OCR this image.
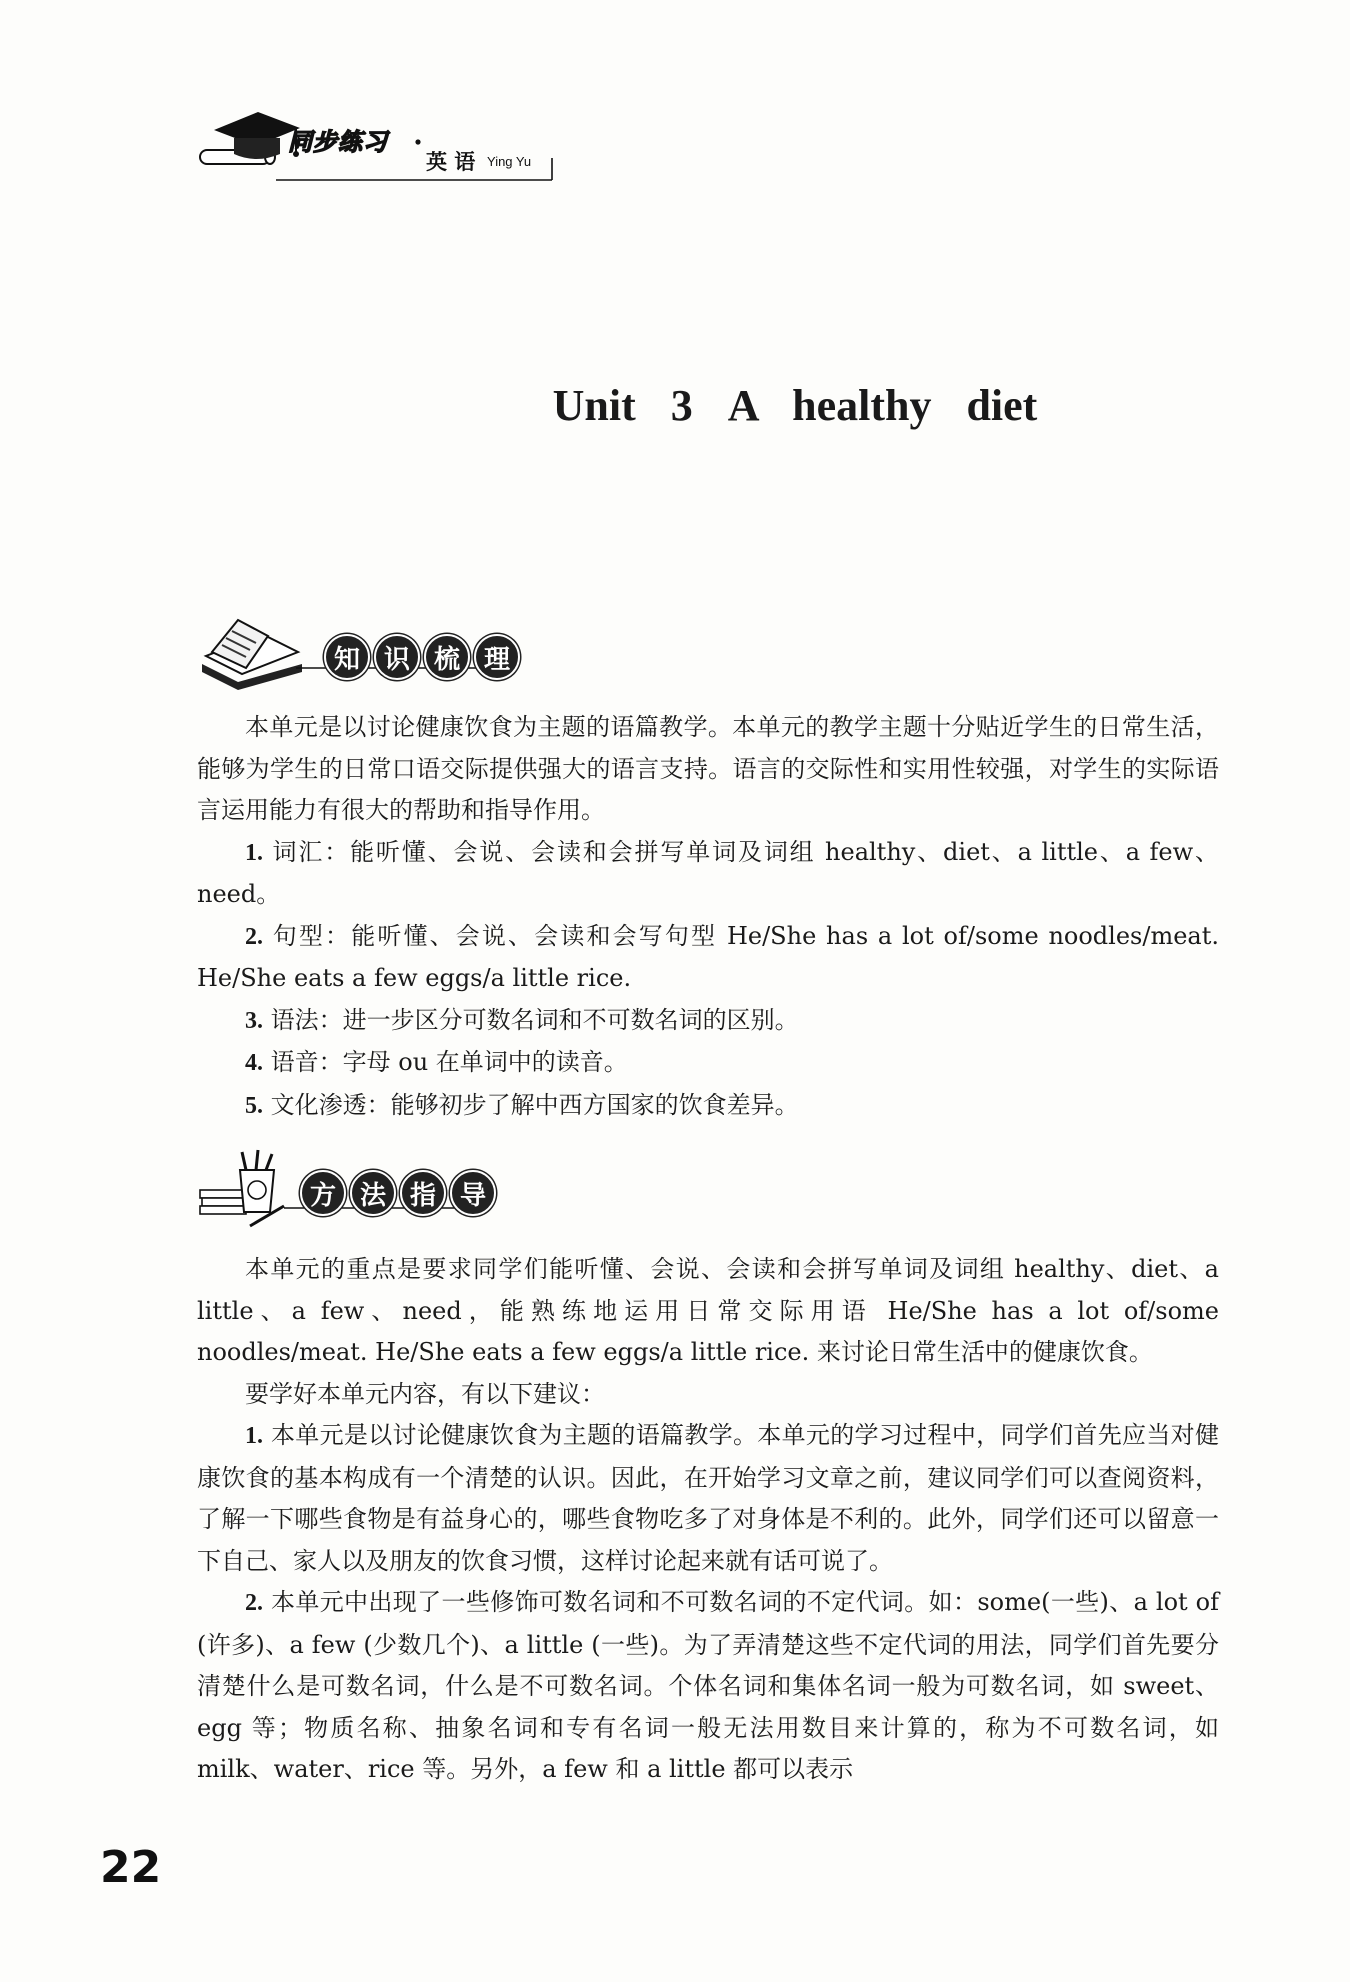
同步练习
英 语 Ying Yu
Unit 3 A healthy diet
知 识 梳 理

本单元是以讨论健康饮食为主题的语篇教学。本单元的教学主题十分贴近学生的日常生活，能够为学生的日常口语交际提供强大的语言支持。语言的交际性和实用性较强，对学生的实际语言运用能力有很大的帮助和指导作用。

1. 词汇：能听懂、会说、会读和会拼写单词及词组 healthy、diet、a little、a few、need。

2. 句型：能听懂、会说、会读和会写句型 He/She has a lot of/some noodles/meat. He/She eats a few eggs/a little rice.

3. 语法：进一步区分可数名词和不可数名词的区别。

4. 语音：字母 ou 在单词中的读音。

5. 文化渗透：能够初步了解中西方国家的饮食差异。

方 法 指 导

本单元的重点是要求同学们能听懂、会说、会读和会拼写单词及词组 healthy、diet、a little、a few、need，能熟练地运用日常交际用语 He/She has a lot of/some noodles/meat. He/She eats a few eggs/a little rice. 来讨论日常生活中的健康饮食。

要学好本单元内容，有以下建议：

1. 本单元是以讨论健康饮食为主题的语篇教学。本单元的学习过程中，同学们首先应当对健康饮食的基本构成有一个清楚的认识。因此，在开始学习文章之前，建议同学们可以查阅资料，了解一下哪些食物是有益身心的，哪些食物吃多了对身体是不利的。此外，同学们还可以留意一下自己、家人以及朋友的饮食习惯，这样讨论起来就有话可说了。

2. 本单元中出现了一些修饰可数名词和不可数名词的不定代词。如：some(一些)、a lot of (许多)、a few (少数几个)、a little (一些)。为了弄清楚这些不定代词的用法，同学们首先要分清楚什么是可数名词，什么是不可数名词。个体名词和集体名词一般为可数名词，如 sweet、egg 等；物质名称、抽象名词和专有名词一般无法用数目来计算的，称为不可数名词，如 milk、water、rice 等。另外，a few 和 a little 都可以表示

22
